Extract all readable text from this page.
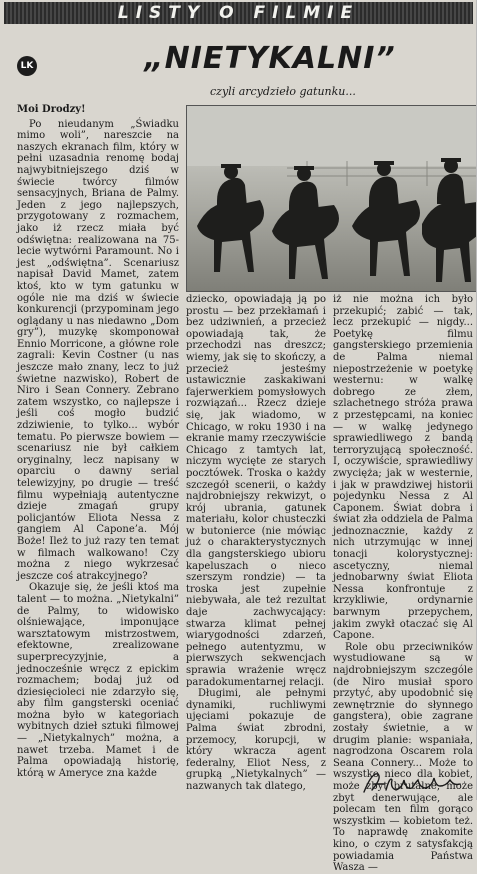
LISTY O FILMIE
LK	„NIETYKALNI”
czyli arcydzieło gatunku...
Moi Drodzy!

Po nieudanym „Świadku mimo woli”, nareszcie na naszych ekranach film, który w pełni uzasadnia renomę bodaj najwybitniejszego dziś w świecie twórcy filmów sensacyjnych, Briana de Palmy. Jeden z jego najlepszych, przygotowany z rozmachem, jako iż rzecz miała być odświętna: realizowana na 75-lecie wytwórni Paramount. No i jest „odświętna”. Scenariusz napisał David Mamet, zatem ktoś, kto w tym gatunku w ogóle nie ma dziś w świecie konkurencji (przypominam jego oglądany u nas niedawno „Dom gry”), muzykę skomponował Ennio Morricone, a główne role zagrali: Kevin Costner (u nas jeszcze mało znany, lecz to już świetne nazwisko), Robert de Niro i Sean Connery. Zebrano zatem wszystko, co najlepsze i jeśli coś mogło budzić zdziwienie, to tylko... wybór tematu. Po pierwsze bowiem — scenariusz nie był całkiem oryginalny, lecz napisany w oparciu o dawny serial telewizyjny, po drugie — treść filmu wypełniają autentyczne dzieje zmagań grupy policjantów Eliota Nessa z gangiem Al Capone’a. Mój Boże! Ileż to już razy ten temat w filmach walkowano! Czy można z niego wykrzesać jeszcze coś atrakcyjnego?

Okazuje się, że jeśli ktoś ma talent — to można. „Nietykalni” de Palmy, to widowisko olśniewające, imponujące warsztatowym mistrzostwem, efektowne, zrealizowane superprecyzyjnie, a jednocześnie wręcz z epickim rozmachem; bodaj już od dziesięcioleci nie zdarzyło się, aby film gangsterski oceniać można było w kategoriach wybitnych dzieł sztuki filmowej — „Nietykalnych” można, a nawet trzeba. Mamet i de Palma opowiadają historię, którą w Ameryce zna każde

dziecko, opowiadają ją po prostu — bez przekłamań i bez udziwnień, a przecież opowiadają tak, że przechodzi nas dreszcz; wiemy, jak się to skończy, a przecież jesteśmy ustawicznie zaskakiwani fajerwerkiem pomysłowych rozwiązań... Rzecz dzieje się, jak wiadomo, w Chicago, w roku 1930 i na ekranie mamy rzeczywiście Chicago z tamtych lat, niczym wycięte ze starych pocztówek. Troska o każdy szczegół scenerii, o każdy najdrobniejszy rekwizyt, o krój ubrania, gatunek materiału, kolor chusteczki w butonierce (nie mówiąc już o charakterystycznych dla gangsterskiego ubioru kapeluszach o nieco szerszym rondzie) — ta troska jest zupełnie niebywała, ale też rezultat daje zachwycający: stwarza klimat pełnej wiarygodności zdarzeń, pełnego autentyzmu, w pierwszych sekwencjach sprawia wrażenie wręcz paradokumentarnej relacji.

Długimi, ale pełnymi dynamiki, ruchliwymi ujęciami pokazuje de Palma świat zbrodni, przemocy, korupcji, w który wkracza agent federalny, Eliot Ness, z grupką „Nietykalnych” — nazwanych tak dlatego,

iż nie można ich było przekupić; zabić — tak, lecz przekupić — nigdy... Poetykę filmu gangsterskiego przemienia de Palma niemal niepostrzeżenie w poetykę westernu: w walkę dobrego ze złem, szlachetnego stróża prawa z przestępcami, na koniec — w walkę jedynego sprawiedliwego z bandą terroryzującą społeczność. I, oczywiście, sprawiedliwy zwycięża; jak w westernie, i jak w prawdziwej historii pojedynku Nessa z Al Caponem. Świat dobra i świat zła oddziela de Palma jednoznacznie, każdy z nich utrzymując w innej tonacji kolorystycznej: ascetyczny, niemal jednobarwny świat Eliota Nessa konfrontuje z krzykliwie, ordynarnie barwnym przepychem, jakim zwykł otaczać się Al Capone.

Role obu przeciwników wystudiowane są w najdrobniejszym szczególe (de Niro musiał sporo przytyć, aby upodobnić się zewnętrznie do słynnego gangstera), obie zagrane zostały świetnie, a w drugim planie: wspaniała, nagrodzona Oscarem rola Seana Connery... Może to wszystko nieco dla kobiet, może zbyt brutalne, może zbyt denerwujące, ale polecam ten film gorąco wszystkim — kobietom też. To naprawdę znakomite kino, o czym z satysfakcją powiadamia Państwa Wasza —
